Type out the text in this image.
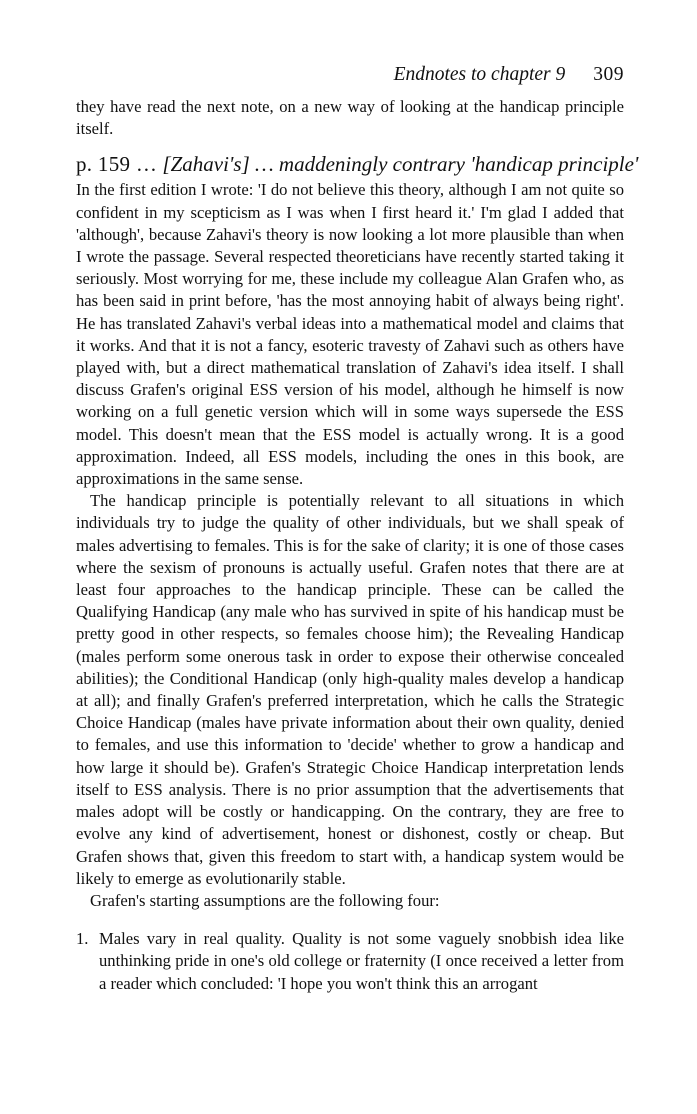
Endnotes to chapter 9 309

they have read the next note, on a new way of looking at the handicap principle itself.

p. 159 … [Zahavi's] … maddeningly contrary 'handicap principle'

In the first edition I wrote: 'I do not believe this theory, although I am not quite so confident in my scepticism as I was when I first heard it.' I'm glad I added that 'although', because Zahavi's theory is now looking a lot more plausible than when I wrote the passage. Several respected theoreticians have recently started taking it seriously. Most worrying for me, these include my colleague Alan Grafen who, as has been said in print before, 'has the most annoying habit of always being right'. He has translated Zahavi's verbal ideas into a mathematical model and claims that it works. And that it is not a fancy, esoteric travesty of Zahavi such as others have played with, but a direct mathematical translation of Zahavi's idea itself. I shall discuss Grafen's original ESS version of his model, although he himself is now working on a full genetic version which will in some ways supersede the ESS model. This doesn't mean that the ESS model is actually wrong. It is a good approximation. Indeed, all ESS models, including the ones in this book, are approximations in the same sense.

The handicap principle is potentially relevant to all situations in which individuals try to judge the quality of other individuals, but we shall speak of males advertising to females. This is for the sake of clarity; it is one of those cases where the sexism of pronouns is actually useful. Grafen notes that there are at least four approaches to the handicap principle. These can be called the Qualifying Handicap (any male who has survived in spite of his handicap must be pretty good in other respects, so females choose him); the Revealing Handicap (males perform some onerous task in order to expose their otherwise concealed abilities); the Conditional Handicap (only high-quality males develop a handicap at all); and finally Grafen's preferred interpretation, which he calls the Strategic Choice Handicap (males have private information about their own quality, denied to females, and use this information to 'decide' whether to grow a handicap and how large it should be). Grafen's Strategic Choice Handicap interpretation lends itself to ESS analysis. There is no prior assumption that the advertisements that males adopt will be costly or handicapping. On the contrary, they are free to evolve any kind of advertisement, honest or dishonest, costly or cheap. But Grafen shows that, given this freedom to start with, a handicap system would be likely to emerge as evolutionarily stable.

Grafen's starting assumptions are the following four:

1. Males vary in real quality. Quality is not some vaguely snobbish idea like unthinking pride in one's old college or fraternity (I once received a letter from a reader which concluded: 'I hope you won't think this an arrogant
